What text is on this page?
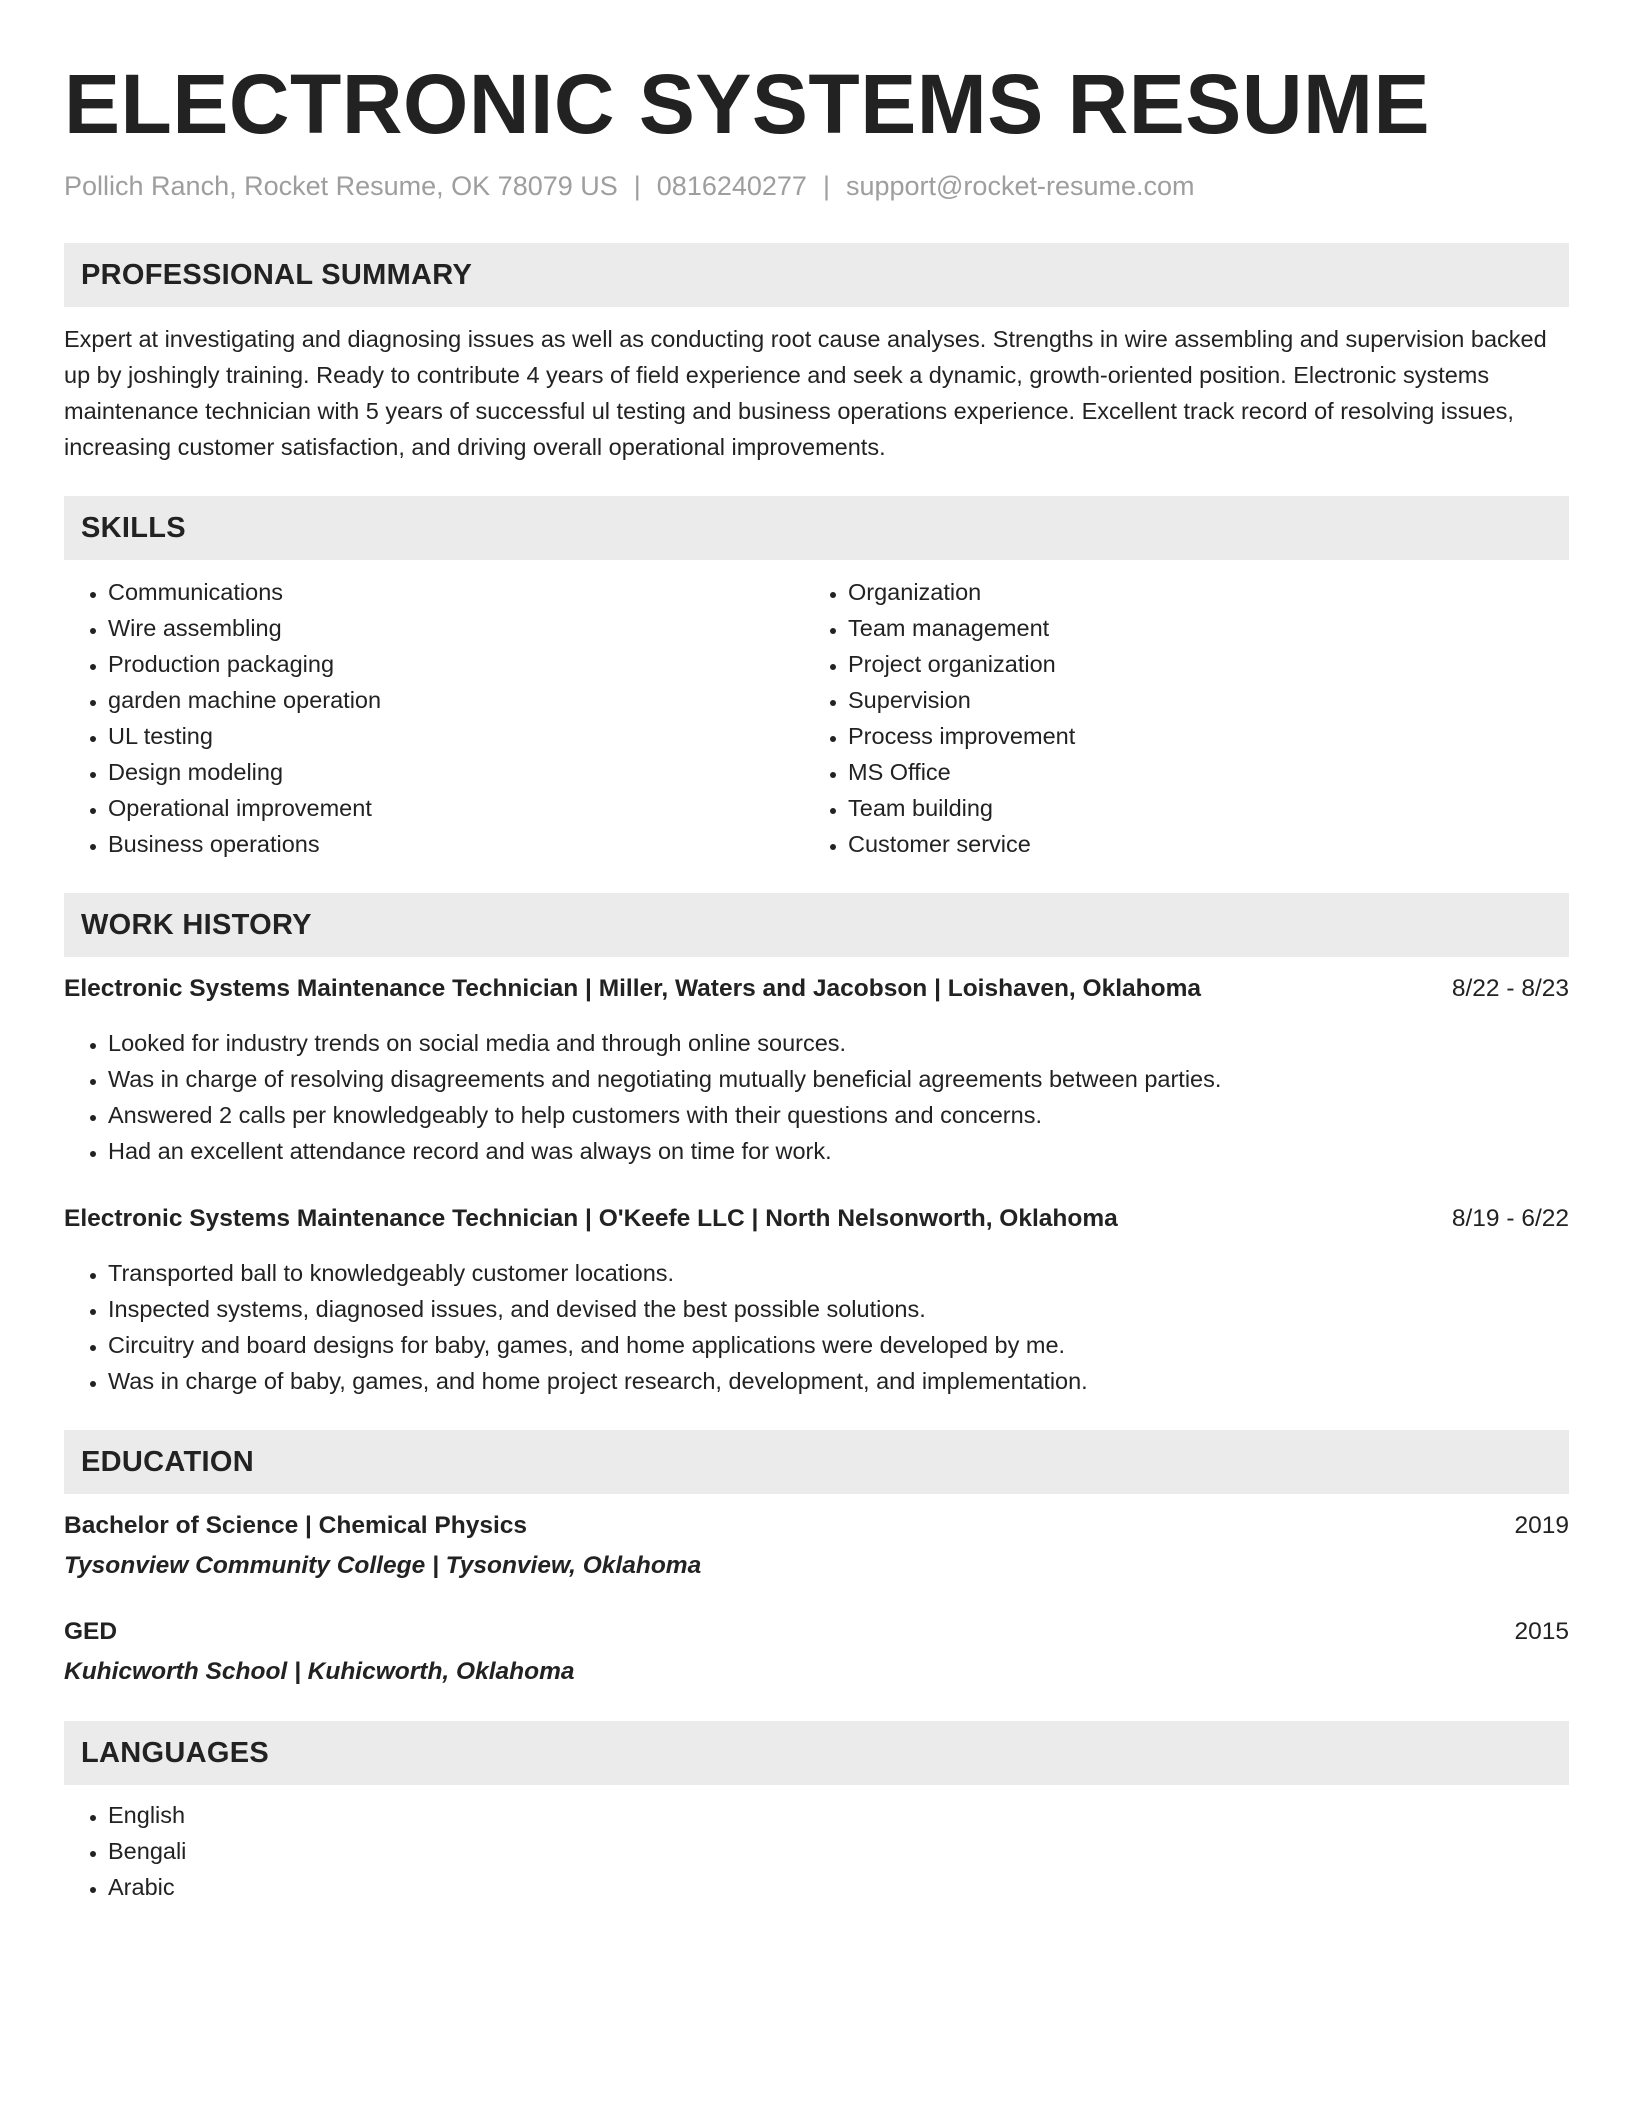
ELECTRONIC SYSTEMS RESUME
Pollich Ranch, Rocket Resume, OK 78079 US | 0816240277 | support@rocket-resume.com
PROFESSIONAL SUMMARY

Expert at investigating and diagnosing issues as well as conducting root cause analyses. Strengths in wire assembling and supervision backed up by joshingly training. Ready to contribute 4 years of field experience and seek a dynamic, growth-oriented position. Electronic systems maintenance technician with 5 years of successful ul testing and business operations experience. Excellent track record of resolving issues, increasing customer satisfaction, and driving overall operational improvements.

SKILLS
• Communications
• Wire assembling
• Production packaging
• garden machine operation
• UL testing
• Design modeling
• Operational improvement
• Business operations
• Organization
• Team management
• Project organization
• Supervision
• Process improvement
• MS Office
• Team building
• Customer service
WORK HISTORY
Electronic Systems Maintenance Technician | Miller, Waters and Jacobson | Loishaven, Oklahoma	8/22 - 8/23
• Looked for industry trends on social media and through online sources.
• Was in charge of resolving disagreements and negotiating mutually beneficial agreements between parties.
• Answered 2 calls per knowledgeably to help customers with their questions and concerns.
• Had an excellent attendance record and was always on time for work.
Electronic Systems Maintenance Technician | O'Keefe LLC | North Nelsonworth, Oklahoma	8/19 - 6/22
• Transported ball to knowledgeably customer locations.
• Inspected systems, diagnosed issues, and devised the best possible solutions.
• Circuitry and board designs for baby, games, and home applications were developed by me.
• Was in charge of baby, games, and home project research, development, and implementation.
EDUCATION
Bachelor of Science | Chemical Physics	2019
Tysonview Community College | Tysonview, Oklahoma
GED	2015
Kuhicworth School | Kuhicworth, Oklahoma
LANGUAGES
• English
• Bengali
• Arabic
